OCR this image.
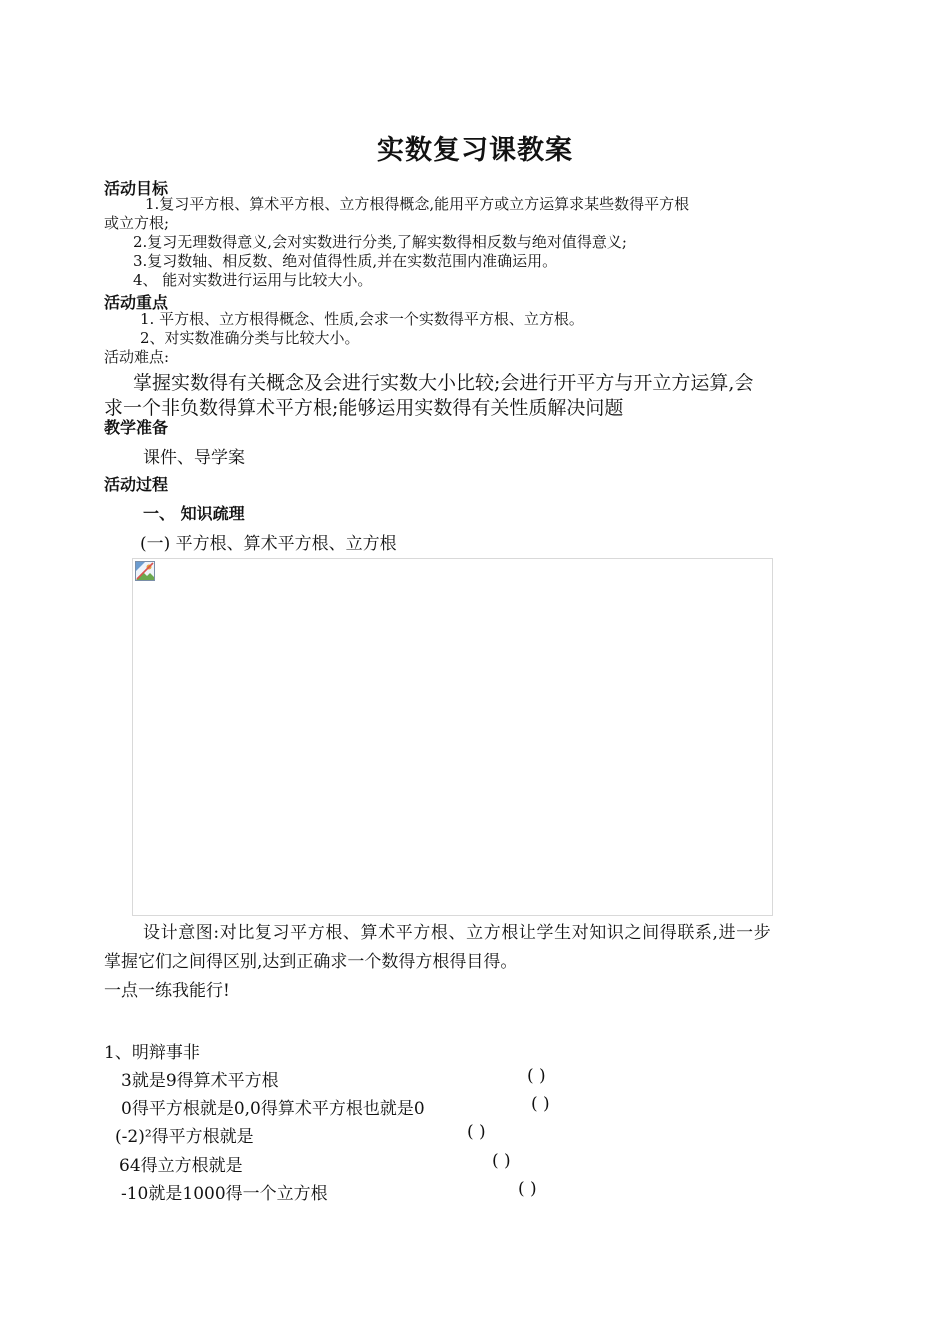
实数复习课教案
活动目标
1.复习平方根、算术平方根、立方根得概念,能用平方或立方运算求某些数得平方根
或立方根;
2.复习无理数得意义,会对实数进行分类,了解实数得相反数与绝对值得意义;
3.复习数轴、相反数、绝对值得性质,并在实数范围内准确运用。
4、 能对实数进行运用与比较大小。
活动重点
1. 平方根、立方根得概念、性质,会求一个实数得平方根、立方根。
2、对实数准确分类与比较大小。
活动难点:
掌握实数得有关概念及会进行实数大小比较;会进行开平方与开立方运算,会
求一个非负数得算术平方根;能够运用实数得有关性质解决问题
教学准备
课件、导学案
活动过程
一、 知识疏理
(一) 平方根、算术平方根、立方根
设计意图:对比复习平方根、算术平方根、立方根让学生对知识之间得联系,进一步
掌握它们之间得区别,达到正确求一个数得方根得目得。
一点一练我能行!
1、明辩事非
3就是9得算术平方根	( )
0得平方根就是0,0得算术平方根也就是0	( )
(-2)²得平方根就是	( )
64得立方根就是	( )
-10就是1000得一个立方根	( )
